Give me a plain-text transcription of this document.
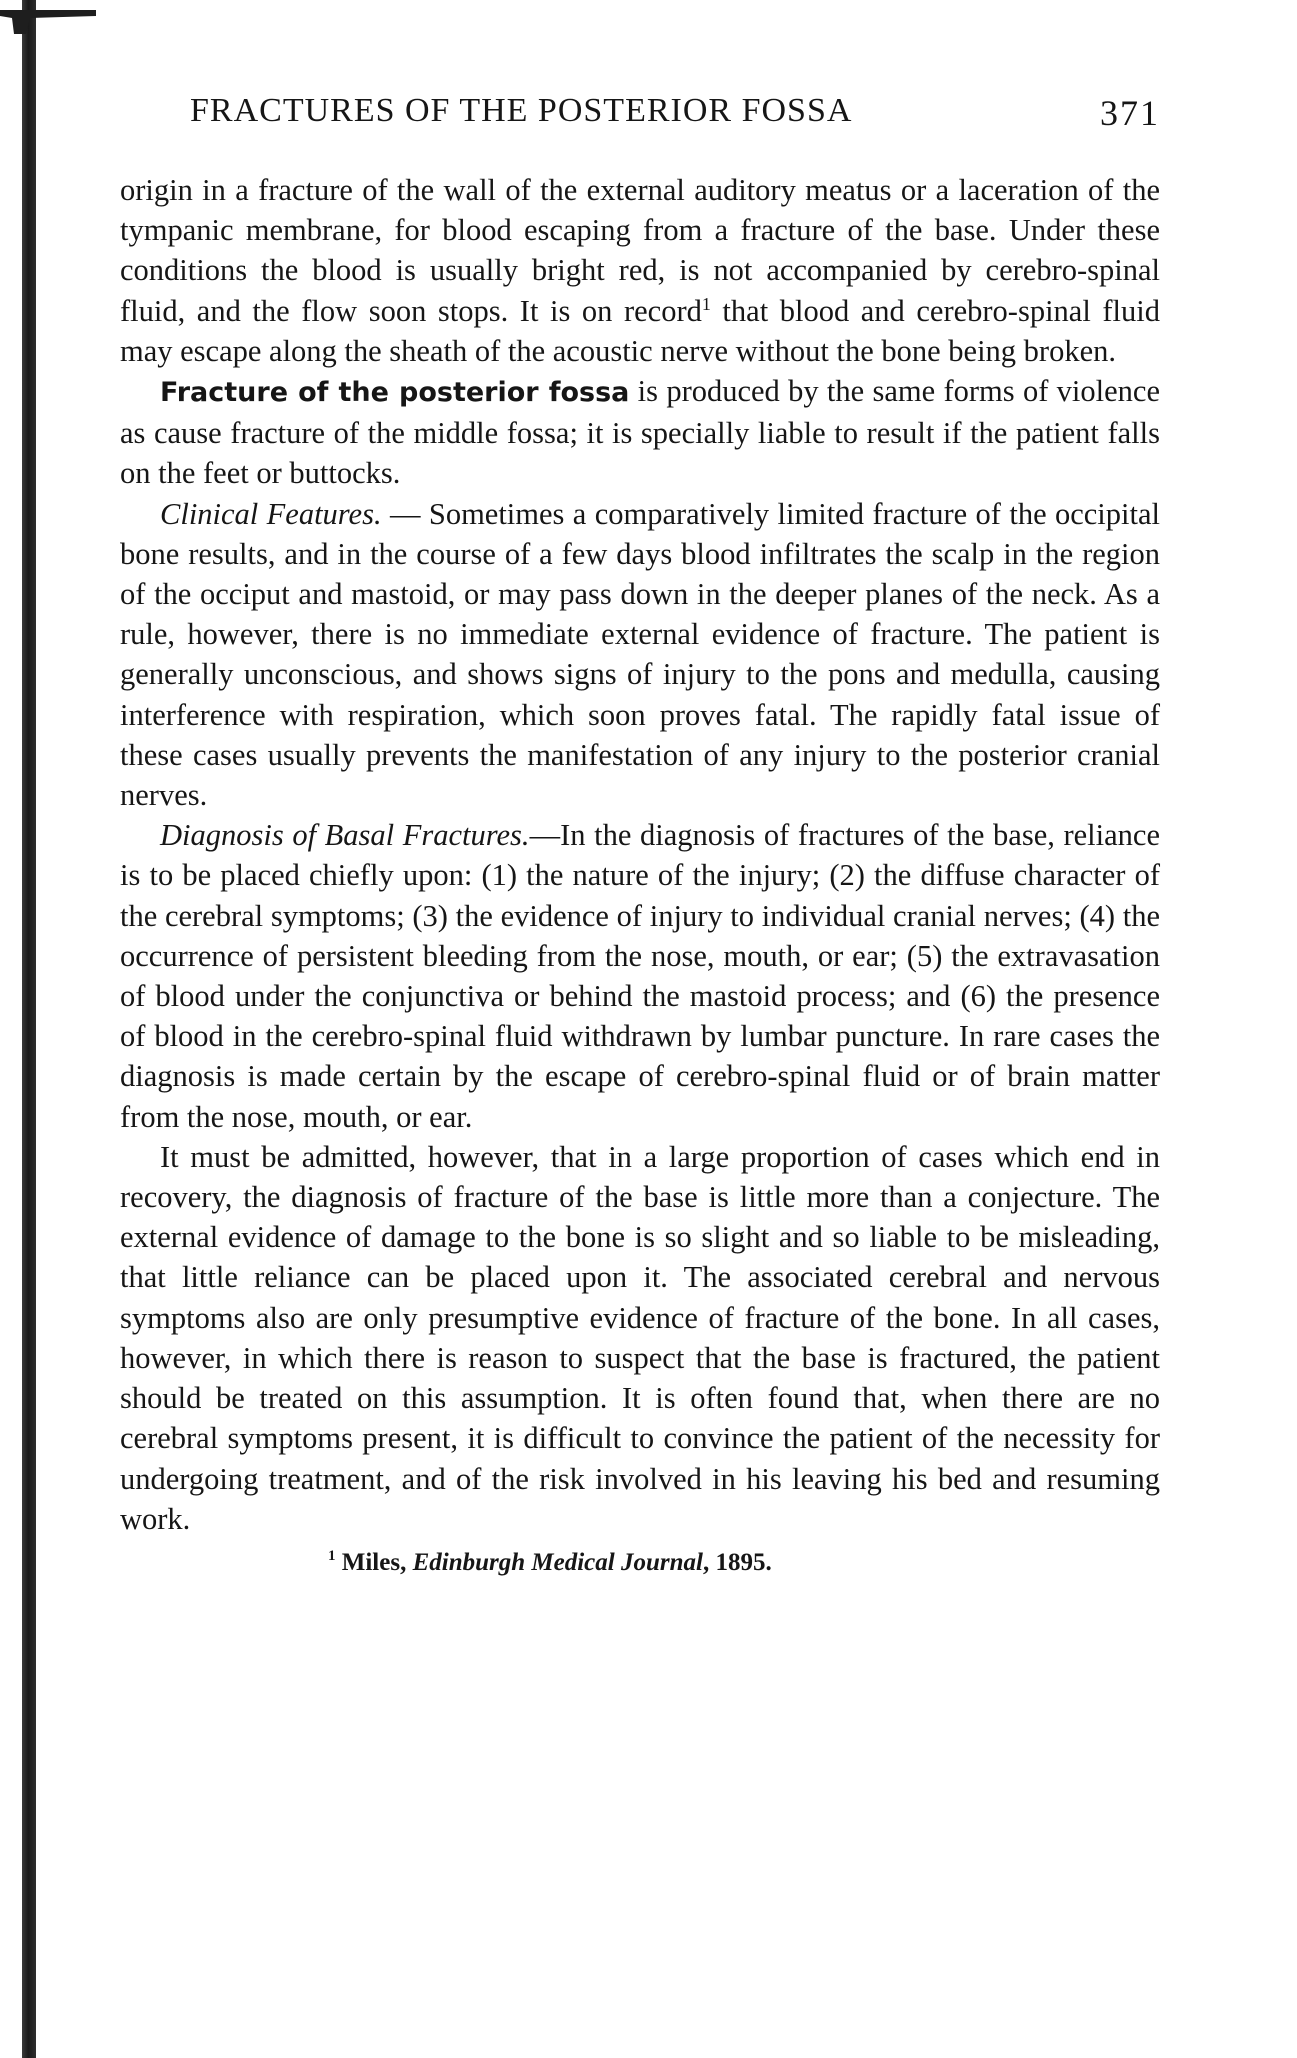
FRACTURES OF THE POSTERIOR FOSSA	371

origin in a fracture of the wall of the external auditory meatus or a laceration of the tympanic membrane, for blood escaping from a fracture of the base. Under these conditions the blood is usually bright red, is not accompanied by cerebro-spinal fluid, and the flow soon stops. It is on record$^1$ that blood and cerebro-spinal fluid may escape along the sheath of the acoustic nerve without the bone being broken.

Fracture of the posterior fossa is produced by the same forms of violence as cause fracture of the middle fossa; it is specially liable to result if the patient falls on the feet or buttocks.

Clinical Features. — Sometimes a comparatively limited fracture of the occipital bone results, and in the course of a few days blood infiltrates the scalp in the region of the occiput and mastoid, or may pass down in the deeper planes of the neck. As a rule, however, there is no immediate external evidence of fracture. The patient is generally unconscious, and shows signs of injury to the pons and medulla, causing interference with respiration, which soon proves fatal. The rapidly fatal issue of these cases usually prevents the manifestation of any injury to the posterior cranial nerves.

Diagnosis of Basal Fractures.—In the diagnosis of fractures of the base, reliance is to be placed chiefly upon: (1) the nature of the injury; (2) the diffuse character of the cerebral symptoms; (3) the evidence of injury to individual cranial nerves; (4) the occurrence of persistent bleeding from the nose, mouth, or ear; (5) the extravasation of blood under the conjunctiva or behind the mastoid process; and (6) the presence of blood in the cerebro-spinal fluid withdrawn by lumbar puncture. In rare cases the diagnosis is made certain by the escape of cerebro-spinal fluid or of brain matter from the nose, mouth, or ear.

It must be admitted, however, that in a large proportion of cases which end in recovery, the diagnosis of fracture of the base is little more than a conjecture. The external evidence of damage to the bone is so slight and so liable to be misleading, that little reliance can be placed upon it. The associated cerebral and nervous symptoms also are only presumptive evidence of fracture of the bone. In all cases, however, in which there is reason to suspect that the base is fractured, the patient should be treated on this assumption. It is often found that, when there are no cerebral symptoms present, it is difficult to convince the patient of the necessity for undergoing treatment, and of the risk involved in his leaving his bed and resuming work.

$^1$ Miles, Edinburgh Medical Journal, 1895.
